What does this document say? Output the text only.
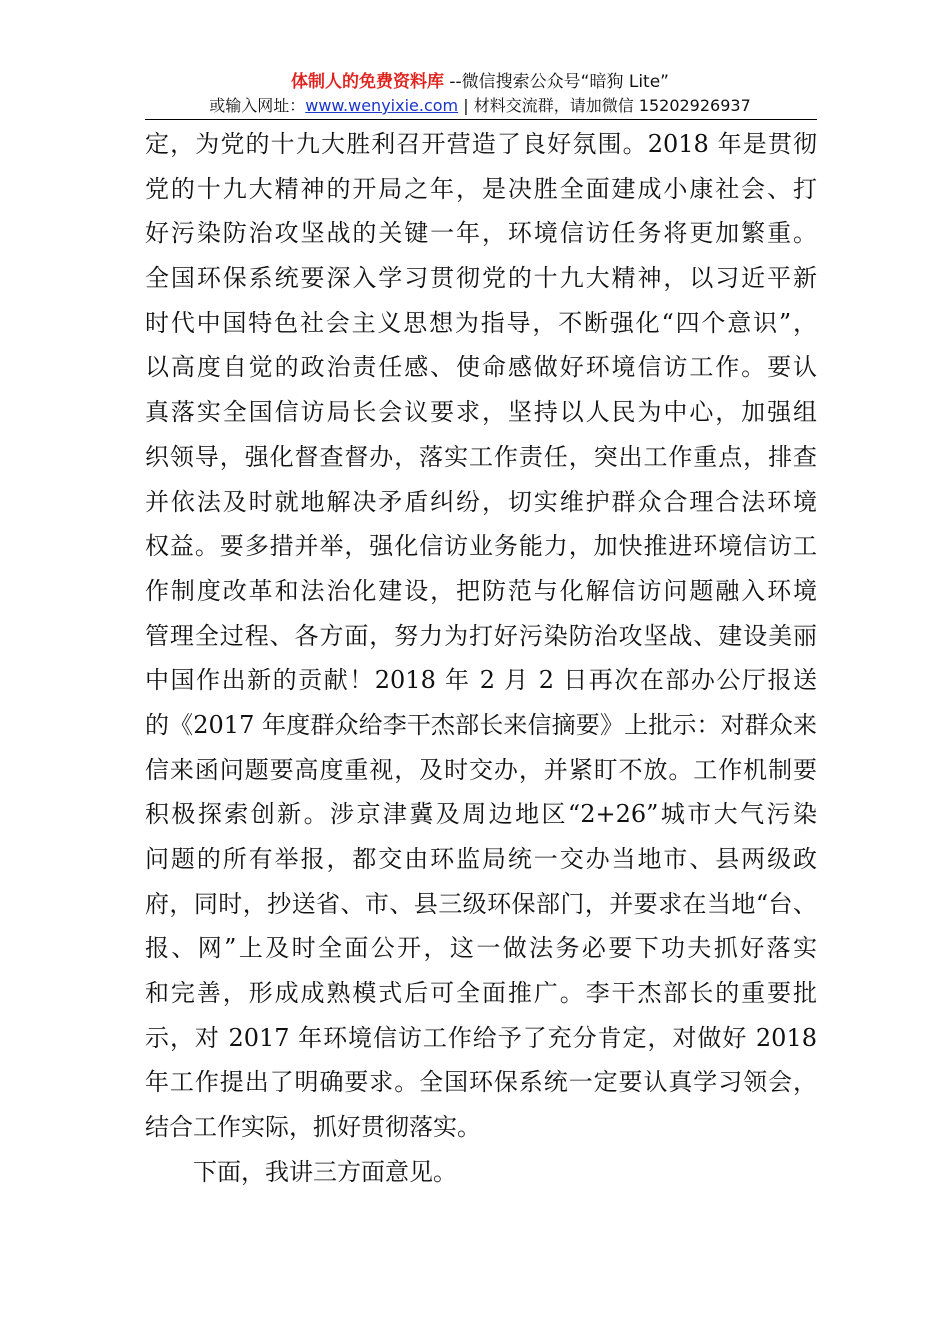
体制人的免费资料库 --微信搜索公众号“暗狗 Lite”
或输入网址：www.wenyixie.com | 材料交流群，请加微信 15202926937
定，为党的十九大胜利召开营造了良好氛围。2018 年是贯彻
党的十九大精神的开局之年，是决胜全面建成小康社会、打
好污染防治攻坚战的关键一年，环境信访任务将更加繁重。
全国环保系统要深入学习贯彻党的十九大精神，以习近平新
时代中国特色社会主义思想为指导，不断强化“四个意识”，
以高度自觉的政治责任感、使命感做好环境信访工作。要认
真落实全国信访局长会议要求，坚持以人民为中心，加强组
织领导，强化督查督办，落实工作责任，突出工作重点，排查
并依法及时就地解决矛盾纠纷，切实维护群众合理合法环境
权益。要多措并举，强化信访业务能力，加快推进环境信访工
作制度改革和法治化建设，把防范与化解信访问题融入环境
管理全过程、各方面，努力为打好污染防治攻坚战、建设美丽
中国作出新的贡献！2018 年 2 月 2 日再次在部办公厅报送
的《2017 年度群众给李干杰部长来信摘要》上批示：对群众来
信来函问题要高度重视，及时交办，并紧盯不放。工作机制要
积极探索创新。涉京津冀及周边地区“2+26”城市大气污染
问题的所有举报，都交由环监局统一交办当地市、县两级政
府，同时，抄送省、市、县三级环保部门，并要求在当地“台、
报、网”上及时全面公开，这一做法务必要下功夫抓好落实
和完善，形成成熟模式后可全面推广。李干杰部长的重要批
示，对 2017 年环境信访工作给予了充分肯定，对做好 2018
年工作提出了明确要求。全国环保系统一定要认真学习领会，
结合工作实际，抓好贯彻落实。
下面，我讲三方面意见。
